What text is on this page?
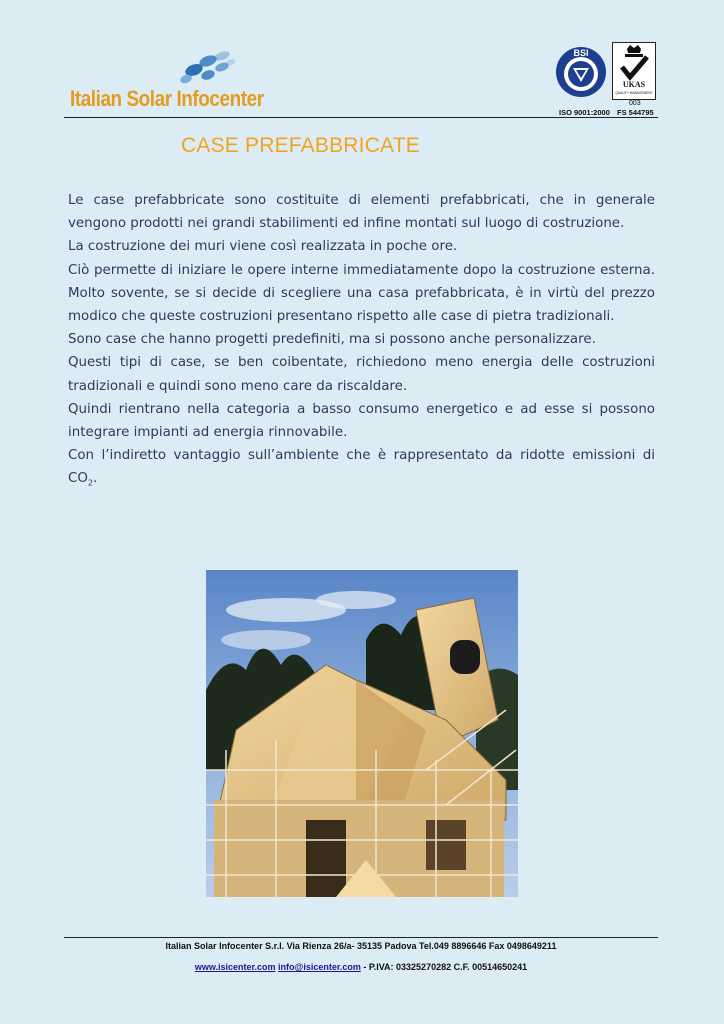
Italian Solar Infocenter
BSI
UKAS
QUALITY MANAGEMENT
003
ISO 9001:2000 FS 544795
CASE PREFABBRICATE

Le case prefabbricate sono costituite di elementi prefabbricati, che in generale vengono prodotti nei grandi stabilimenti ed infine montati sul luogo di costruzione.

La costruzione dei muri viene così realizzata in poche ore.

Ciò permette di iniziare le opere interne immediatamente dopo la costruzione esterna. Molto sovente, se si decide di scegliere una casa prefabbricata, è in virtù del prezzo modico che queste costruzioni presentano rispetto alle case di pietra tradizionali.

Sono case che hanno progetti predefiniti, ma si possono anche personalizzare.

Questi tipi di case, se ben coibentate, richiedono meno energia delle costruzioni tradizionali e quindi sono meno care da riscaldare.

Quindi rientrano nella categoria a basso consumo energetico e ad esse si possono integrare impianti ad energia rinnovabile.

Con l’indiretto vantaggio sull’ambiente che è rappresentato da ridotte emissioni di $CO_2$.

Italian Solar Infocenter S.r.l. Via Rienza 26/a- 35135 Padova Tel.049 8896646 Fax 0498649211
www.isicenter.com info@isicenter.com - P.IVA: 03325270282 C.F. 00514650241
